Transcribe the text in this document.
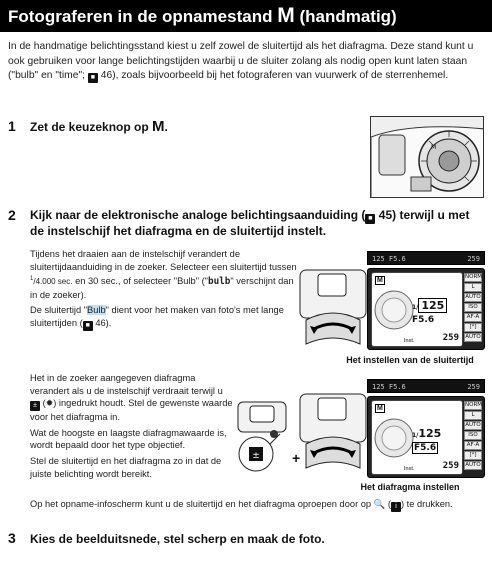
Fotograferen in de opnamestand M (handmatig)
In de handmatige belichtingsstand kiest u zelf zowel de sluitertijd als het diafragma. Deze stand kunt u ook gebruiken voor lange belichtingstijden waarbij u de sluiter zolang als nodig open kunt laten staan ("bulb" en "time"; ■ 46), zoals bijvoorbeeld bij het fotograferen van vuurwerk of de sterrenhemel.
1 Zet de keuzeknop op M.
M
2 Kijk naar de elektronische analoge belichtingsaanduiding ( ■ 45) terwijl u met de instelschijf het diafragma en de sluitertijd instelt.

Tijdens het draaien aan de instelschijf verandert de sluitertijdaanduiding in de zoeker. Selecteer een sluitertijd tussen $^1$/4.000 sec. en 30 sec., of selecteer "Bulb" ("bulb" verschijnt dan in de zoeker).

De sluitertijd "Bulb" dient voor het maken van foto's met lange sluitertijden ( ■ 46).

125 F5.6	259
M
1/ 125 F5.6
259
Inst.
NORM
L
AUTO
ISO
AF-A
[*]
AUTO
Het instellen van de sluitertijd

Het in de zoeker aangegeven diafragma verandert als u de instelschijf verdraait terwijl u ± (✹) ingedrukt houdt. Stel de gewenste waarde voor het diafragma in.

Wat de hoogste en laagste diafragmawaarde is, wordt bepaald door het type objectief.

Stel de sluitertijd en het diafragma zo in dat de juiste belichting wordt bereikt.

± +
125 F5.6	259
M
1/125 F5.6
259
Inst.
NORM
L
AUTO
ISO
AF-A
[*]
AUTO
Het diafragma instellen
Op het opname-infoscherm kunt u de sluitertijd en het diafragma oproepen door op 🔍 ( i ) te drukken.
3 Kies de beelduitsnede, stel scherp en maak de foto.
